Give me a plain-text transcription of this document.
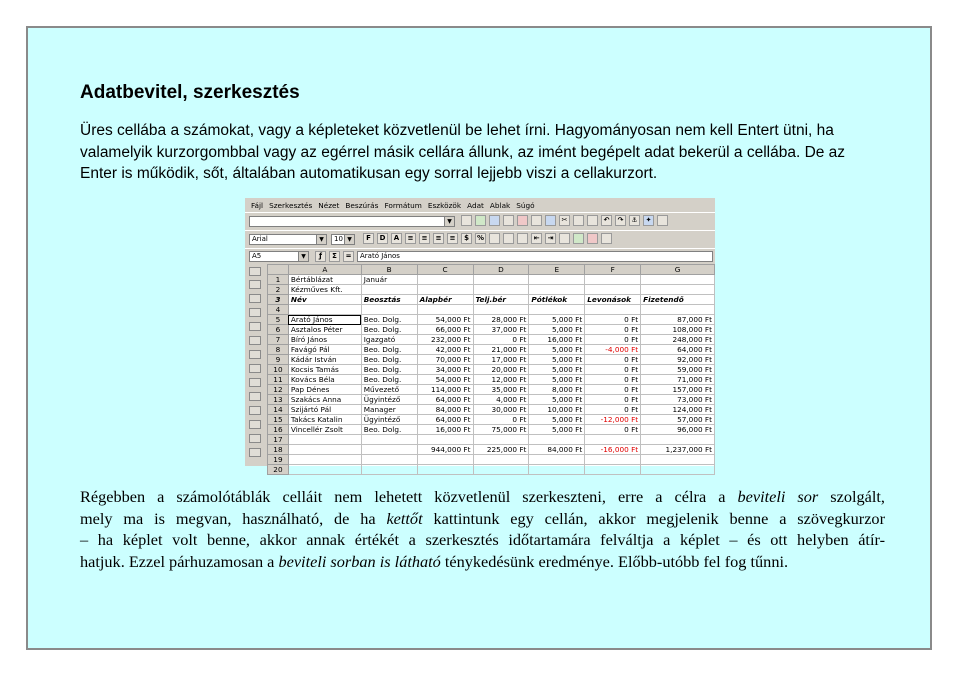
Adatbevitel, szerkesztés
Üres cellába a számokat, vagy a képleteket közvetlenül be lehet írni. Hagyományosan nem kell Entert ütni, ha valamelyik kurzorgombbal vagy az egérrel másik cellára állunk, az imént begépelt adat bekerül a cellába. De az Enter is működik, sőt, általában automatikusan egy sorral lejjebb viszi a cellakurzort.
Fájl Szerkesztés Nézet Beszúrás Formátum Eszközök Adat Ablak Súgó
▼	✂	↶	↷	⚓	✦
Arial	▼	10 ▼	F	D	A	≡	≡	≡	≡	$	%	⇤	⇥
A5	▼	ƒ	Σ	=	Arató János
	A	B	C	D	E	F	G
1	Bértáblázat	Január					
2	Kézműves Kft.						
3	Név	Beosztás	Alapbér	Telj.bér	Pótlékok	Levonások	Fizetendő
4							
5	Arató János	Beo. Dolg.	54,000 Ft	28,000 Ft	5,000 Ft	0 Ft	87,000 Ft
6	Asztalos Péter	Beo. Dolg.	66,000 Ft	37,000 Ft	5,000 Ft	0 Ft	108,000 Ft
7	Bíró János	Igazgató	232,000 Ft	0 Ft	16,000 Ft	0 Ft	248,000 Ft
8	Favágó Pál	Beo. Dolg.	42,000 Ft	21,000 Ft	5,000 Ft	-4,000 Ft	64,000 Ft
9	Kádár István	Beo. Dolg.	70,000 Ft	17,000 Ft	5,000 Ft	0 Ft	92,000 Ft
10	Kocsis Tamás	Beo. Dolg.	34,000 Ft	20,000 Ft	5,000 Ft	0 Ft	59,000 Ft
11	Kovács Béla	Beo. Dolg.	54,000 Ft	12,000 Ft	5,000 Ft	0 Ft	71,000 Ft
12	Pap Dénes	Művezető	114,000 Ft	35,000 Ft	8,000 Ft	0 Ft	157,000 Ft
13	Szakács Anna	Ügyintéző	64,000 Ft	4,000 Ft	5,000 Ft	0 Ft	73,000 Ft
14	Szijártó Pál	Manager	84,000 Ft	30,000 Ft	10,000 Ft	0 Ft	124,000 Ft
15	Takács Katalin	Ügyintéző	64,000 Ft	0 Ft	5,000 Ft	-12,000 Ft	57,000 Ft
16	Vincellér Zsolt	Beo. Dolg.	16,000 Ft	75,000 Ft	5,000 Ft	0 Ft	96,000 Ft
17							
18			944,000 Ft	225,000 Ft	84,000 Ft	-16,000 Ft	1,237,000 Ft
19							
20							
Régebben a számolótáblák celláit nem lehetett közvetlenül szerkeszteni, erre a célra a beviteli sor szolgált,
mely ma is megvan, használható, de ha kettőt kattintunk egy cellán, akkor megjelenik benne a szövegkurzor
– ha képlet volt benne, akkor annak értékét a szerkesztés időtartamára felváltja a képlet – és ott helyben átír-
hatjuk. Ezzel párhuzamosan a beviteli sorban is látható ténykedésünk eredménye. Előbb-utóbb fel fog tűnni.
